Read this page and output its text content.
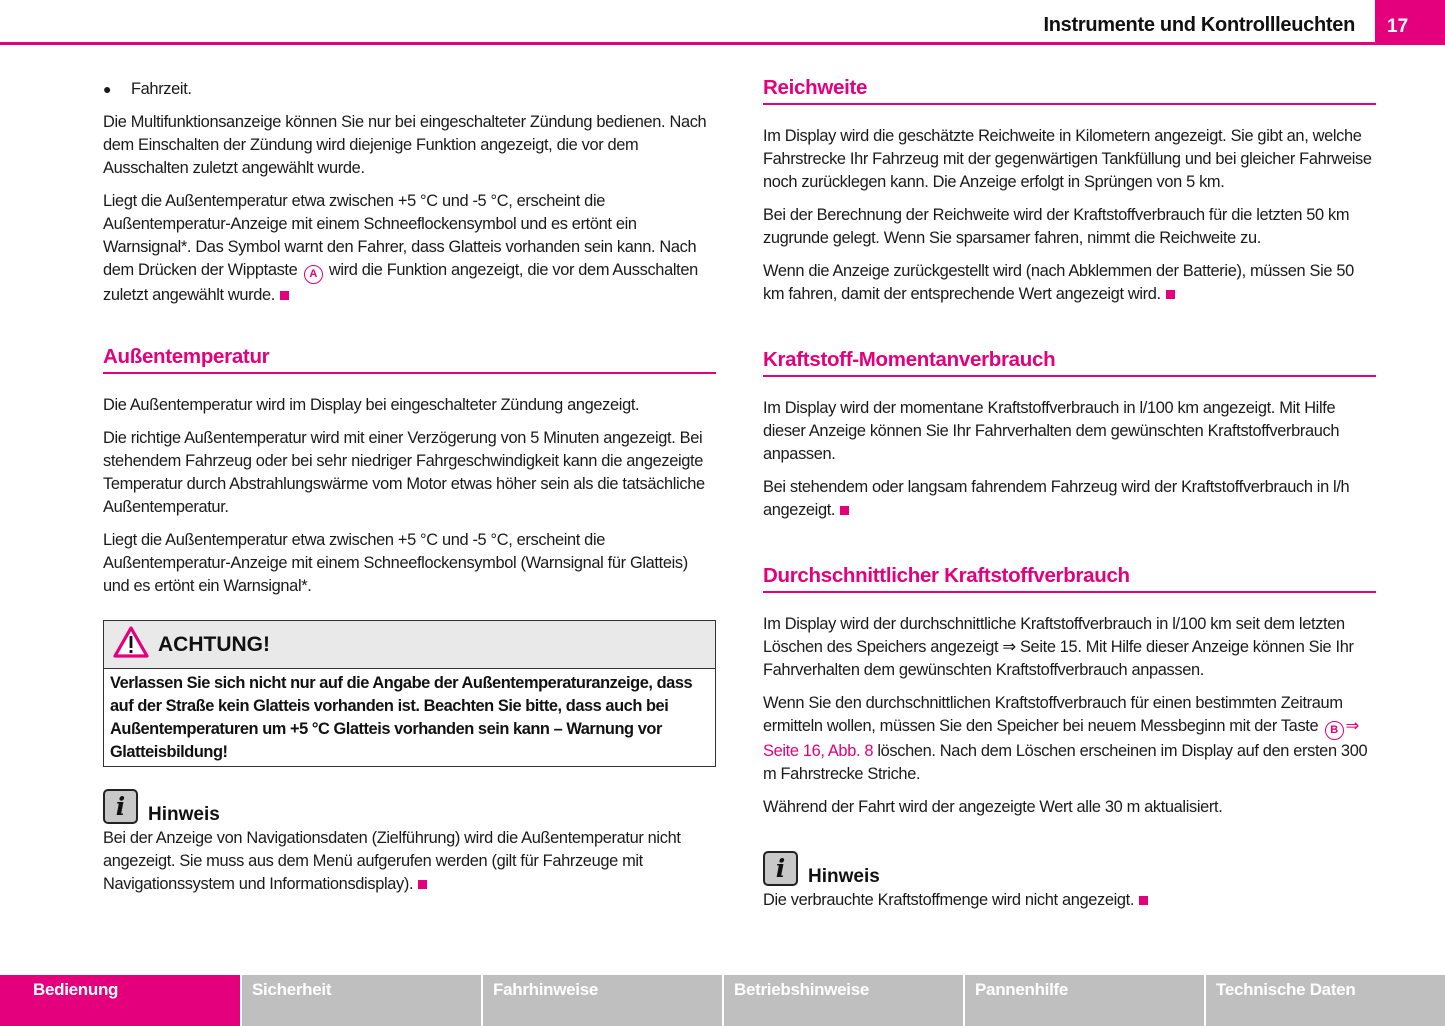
Instrumente und Kontrollleuchten	17
●	Fahrzeit.

Die Multifunktionsanzeige können Sie nur bei eingeschalteter Zündung bedienen. Nach dem Einschalten der Zündung wird diejenige Funktion angezeigt, die vor dem Ausschalten zuletzt angewählt wurde.

Liegt die Außentemperatur etwa zwischen +5 °C und -5 °C, erscheint die Außentemperatur-Anzeige mit einem Schneeflockensymbol und es ertönt ein Warnsignal*. Das Symbol warnt den Fahrer, dass Glatteis vorhanden sein kann. Nach dem Drücken der Wipptaste A wird die Funktion angezeigt, die vor dem Ausschalten zuletzt angewählt wurde.

Außentemperatur

Die Außentemperatur wird im Display bei eingeschalteter Zündung angezeigt.

Die richtige Außentemperatur wird mit einer Verzögerung von 5 Minuten angezeigt. Bei stehendem Fahrzeug oder bei sehr niedriger Fahrgeschwindigkeit kann die angezeigte Temperatur durch Abstrahlungswärme vom Motor etwas höher sein als die tatsächliche Außentemperatur.

Liegt die Außentemperatur etwa zwischen +5 °C und -5 °C, erscheint die Außentemperatur-Anzeige mit einem Schneeflockensymbol (Warnsignal für Glatteis) und es ertönt ein Warnsignal*.

ACHTUNG!
Verlassen Sie sich nicht nur auf die Angabe der Außentemperaturanzeige, dass auf der Straße kein Glatteis vorhanden ist. Beachten Sie bitte, dass auch bei Außentemperaturen um +5 °C Glatteis vorhanden sein kann – Warnung vor Glatteisbildung!
i	Hinweis

Bei der Anzeige von Navigationsdaten (Zielführung) wird die Außentemperatur nicht angezeigt. Sie muss aus dem Menü aufgerufen werden (gilt für Fahrzeuge mit Navigationssystem und Informationsdisplay).

Reichweite

Im Display wird die geschätzte Reichweite in Kilometern angezeigt. Sie gibt an, welche Fahrstrecke Ihr Fahrzeug mit der gegenwärtigen Tankfüllung und bei gleicher Fahrweise noch zurücklegen kann. Die Anzeige erfolgt in Sprüngen von 5 km.

Bei der Berechnung der Reichweite wird der Kraftstoffverbrauch für die letzten 50 km zugrunde gelegt. Wenn Sie sparsamer fahren, nimmt die Reichweite zu.

Wenn die Anzeige zurückgestellt wird (nach Abklemmen der Batterie), müssen Sie 50 km fahren, damit der entsprechende Wert angezeigt wird.

Kraftstoff-Momentanverbrauch

Im Display wird der momentane Kraftstoffverbrauch in l/100 km angezeigt. Mit Hilfe dieser Anzeige können Sie Ihr Fahrverhalten dem gewünschten Kraftstoffverbrauch anpassen.

Bei stehendem oder langsam fahrendem Fahrzeug wird der Kraftstoffverbrauch in l/h angezeigt.

Durchschnittlicher Kraftstoffverbrauch

Im Display wird der durchschnittliche Kraftstoffverbrauch in l/100 km seit dem letzten Löschen des Speichers angezeigt ⇒ Seite 15. Mit Hilfe dieser Anzeige können Sie Ihr Fahrverhalten dem gewünschten Kraftstoffverbrauch anpassen.

Wenn Sie den durchschnittlichen Kraftstoffverbrauch für einen bestimmten Zeitraum ermitteln wollen, müssen Sie den Speicher bei neuem Messbeginn mit der Taste B ⇒ Seite 16, Abb. 8 löschen. Nach dem Löschen erscheinen im Display auf den ersten 300 m Fahrstrecke Striche.

Während der Fahrt wird der angezeigte Wert alle 30 m aktualisiert.

i	Hinweis

Die verbrauchte Kraftstoffmenge wird nicht angezeigt.

Bedienung	Sicherheit	Fahrhinweise	Betriebshinweise	Pannenhilfe	Technische Daten
